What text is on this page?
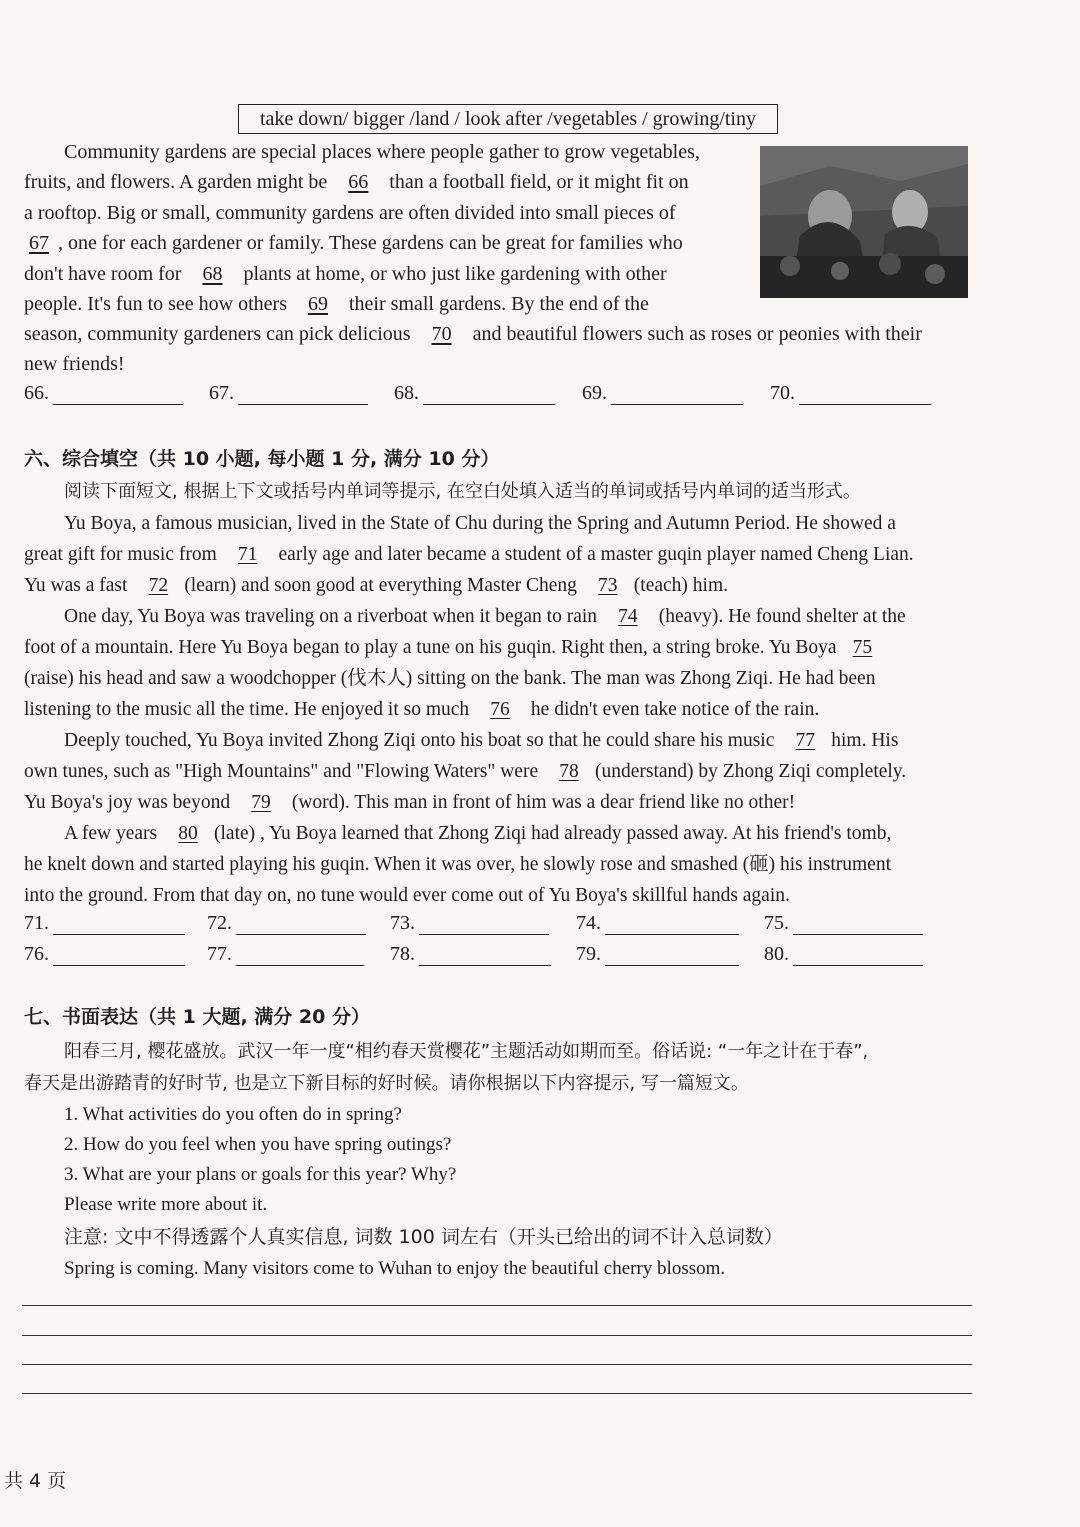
take down/ bigger /land / look after /vegetables / growing/tiny
Community gardens are special places where people gather to grow vegetables,
fruits, and flowers. A garden might be 66 than a football field, or it might fit on
a rooftop. Big or small, community gardens are often divided into small pieces of
67 , one for each gardener or family. These gardens can be great for families who
don't have room for 68 plants at home, or who just like gardening with other
people. It's fun to see how others 69 their small gardens. By the end of the
season, community gardeners can pick delicious 70 and beautiful flowers such as roses or peonies with their
new friends!
66.	67.	68.	69.	70.
六、综合填空（共 10 小题, 每小题 1 分, 满分 10 分）
阅读下面短文, 根据上下文或括号内单词等提示, 在空白处填入适当的单词或括号内单词的适当形式。
Yu Boya, a famous musician, lived in the State of Chu during the Spring and Autumn Period. He showed a
great gift for music from 71 early age and later became a student of a master guqin player named Cheng Lian.
Yu was a fast 72 (learn) and soon good at everything Master Cheng 73 (teach) him.
One day, Yu Boya was traveling on a riverboat when it began to rain 74 (heavy). He found shelter at the
foot of a mountain. Here Yu Boya began to play a tune on his guqin. Right then, a string broke. Yu Boya 75
(raise) his head and saw a woodchopper (伐木人) sitting on the bank. The man was Zhong Ziqi. He had been
listening to the music all the time. He enjoyed it so much 76 he didn't even take notice of the rain.
Deeply touched, Yu Boya invited Zhong Ziqi onto his boat so that he could share his music 77 him. His
own tunes, such as "High Mountains" and "Flowing Waters" were 78 (understand) by Zhong Ziqi completely.
Yu Boya's joy was beyond 79 (word). This man in front of him was a dear friend like no other!
A few years 80 (late) , Yu Boya learned that Zhong Ziqi had already passed away. At his friend's tomb,
he knelt down and started playing his guqin. When it was over, he slowly rose and smashed (砸) his instrument
into the ground. From that day on, no tune would ever come out of Yu Boya's skillful hands again.
71.	72.	73.	74.	75.
76.	77.	78.	79.	80.
七、书面表达（共 1 大题, 满分 20 分）
阳春三月, 樱花盛放。武汉一年一度“相约春天赏樱花”主题活动如期而至。俗话说: “一年之计在于春”,
春天是出游踏青的好时节, 也是立下新目标的好时候。请你根据以下内容提示, 写一篇短文。
1. What activities do you often do in spring?
2. How do you feel when you have spring outings?
3. What are your plans or goals for this year? Why?
Please write more about it.
注意: 文中不得透露个人真实信息, 词数 100 词左右（开头已给出的词不计入总词数）
Spring is coming. Many visitors come to Wuhan to enjoy the beautiful cherry blossom.
共 4 页
